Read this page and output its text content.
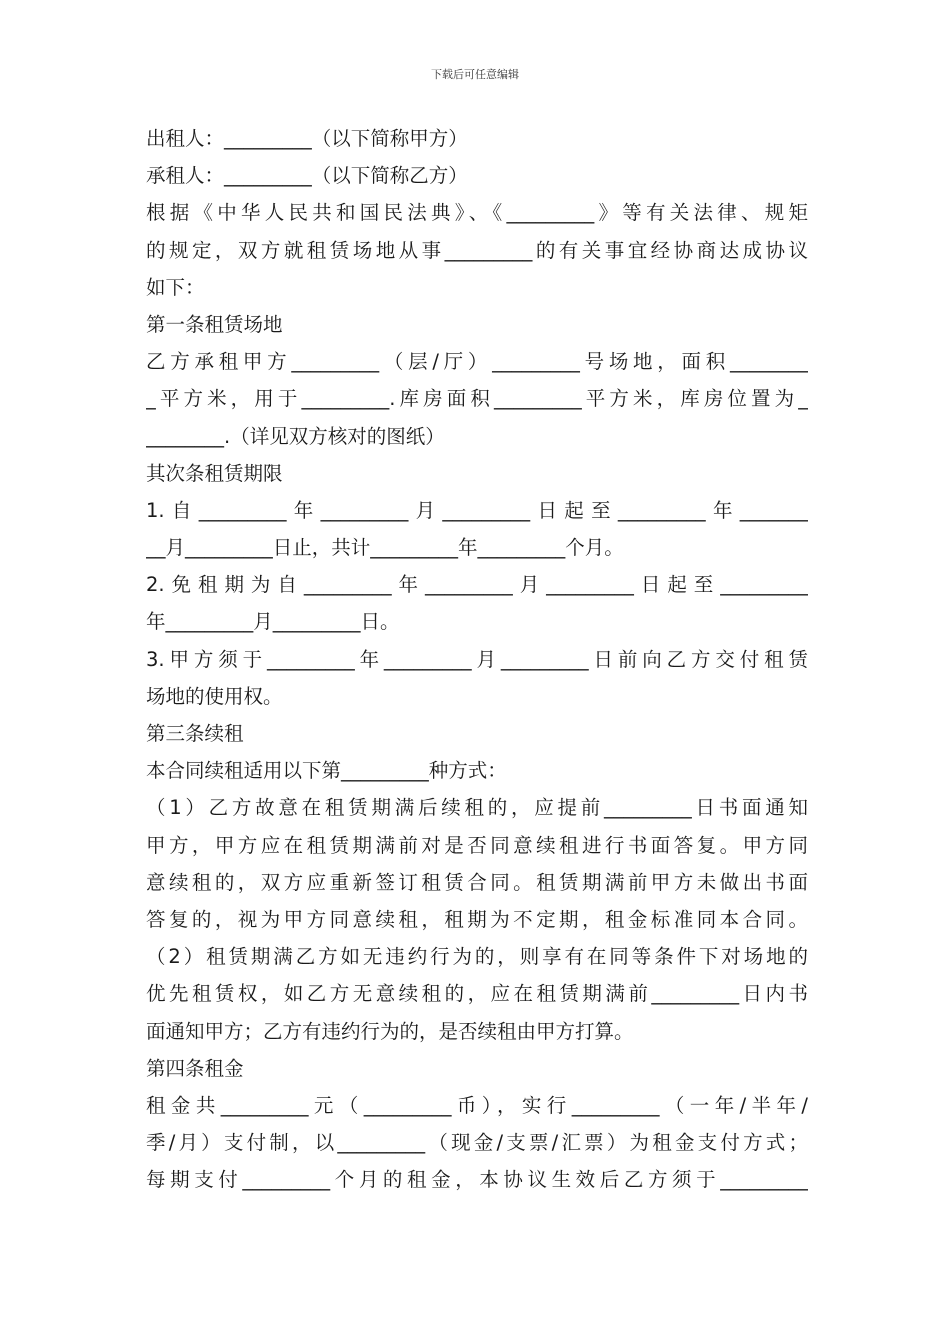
下载后可任意编辑
出租人：_________（以下简称甲方）
承租人：_________（以下简称乙方）
根据《中华人民共和国民法典》、《_________》等有关法律、规矩
的规定，双方就租赁场地从事_________的有关事宜经协商达成协议
如下：
第一条租赁场地
乙方承租甲方_________（层/厅）_________号场地，面积________
_平方米，用于_________.库房面积_________平方米，库房位置为_
________.（详见双方核对的图纸）
其次条租赁期限
1.自_________年_________月_________日起至_________年_______
__月_________日止，共计_________年_________个月。
2.免租期为自_________年_________月_________日起至_________
年_________月_________日。
3.甲方须于_________年_________月_________日前向乙方交付租赁
场地的使用权。
第三条续租
本合同续租适用以下第_________种方式：
（1）乙方故意在租赁期满后续租的，应提前_________日书面通知
甲方，甲方应在租赁期满前对是否同意续租进行书面答复。甲方同
意续租的，双方应重新签订租赁合同。租赁期满前甲方未做出书面
答复的，视为甲方同意续租，租期为不定期，租金标准同本合同。
（2）租赁期满乙方如无违约行为的，则享有在同等条件下对场地的
优先租赁权，如乙方无意续租的，应在租赁期满前_________日内书
面通知甲方；乙方有违约行为的，是否续租由甲方打算。
第四条租金
租金共_________元（_________币），实行_________（一年/半年/
季/月）支付制，以_________（现金/支票/汇票）为租金支付方式；
每期支付_________个月的租金，本协议生效后乙方须于_________
